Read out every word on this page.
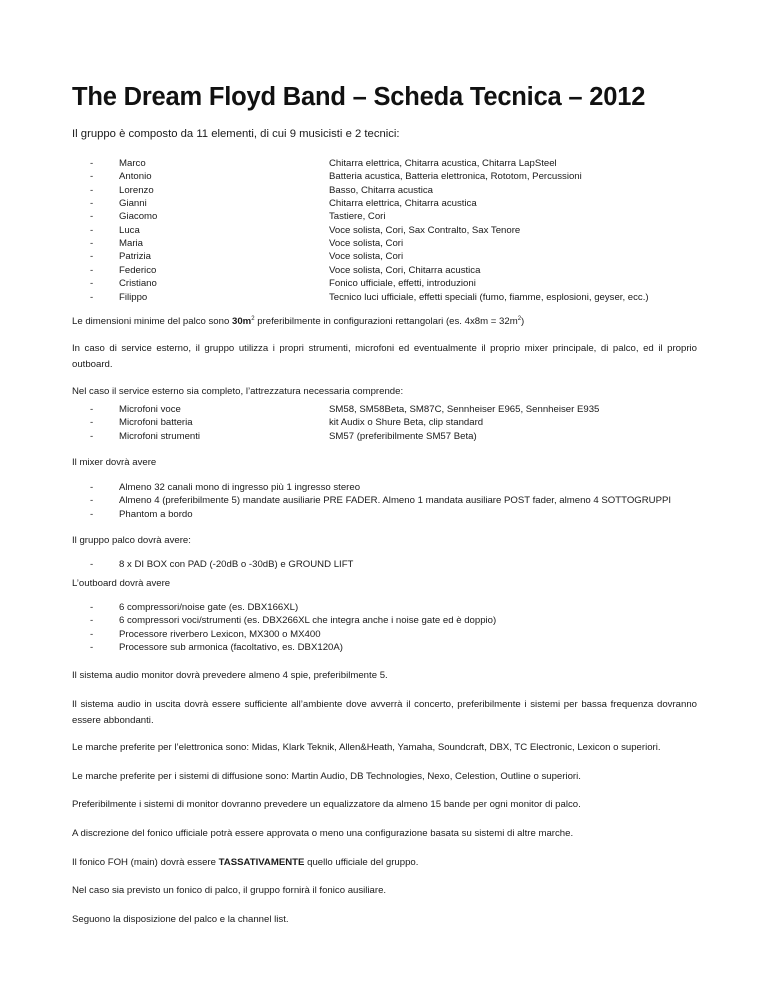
The Dream Floyd Band – Scheda Tecnica – 2012

Il gruppo è composto da 11 elementi, di cui 9 musicisti e 2 tecnici:

-	Marco	Chitarra elettrica, Chitarra acustica, Chitarra LapSteel
-	Antonio	Batteria acustica, Batteria elettronica, Rototom, Percussioni
-	Lorenzo	Basso, Chitarra acustica
-	Gianni	Chitarra elettrica, Chitarra acustica
-	Giacomo	Tastiere, Cori
-	Luca	Voce solista, Cori, Sax Contralto, Sax Tenore
-	Maria	Voce solista, Cori
-	Patrizia	Voce solista, Cori
-	Federico	Voce solista, Cori, Chitarra acustica
-	Cristiano	Fonico ufficiale, effetti, introduzioni
-	Filippo	Tecnico luci ufficiale, effetti speciali (fumo, fiamme, esplosioni, geyser, ecc.)

Le dimensioni minime del palco sono $30m^2$ preferibilmente in configurazioni rettangolari (es. $4x8m = 32m^2$)

In caso di service esterno, il gruppo utilizza i propri strumenti, microfoni ed eventualmente il proprio mixer principale, di palco, ed il proprio outboard.

Nel caso il service esterno sia completo, l’attrezzatura necessaria comprende:

-	Microfoni voce	SM58, SM58Beta, SM87C, Sennheiser E965, Sennheiser E935
-	Microfoni batteria	kit Audix o Shure Beta, clip standard
-	Microfoni strumenti	SM57 (preferibilmente SM57 Beta)

Il mixer dovrà avere

-	Almeno 32 canali mono di ingresso più 1 ingresso stereo
-	Almeno 4 (preferibilmente 5) mandate ausiliarie PRE FADER. Almeno 1 mandata ausiliare POST fader, almeno 4 SOTTOGRUPPI
-	Phantom a bordo

Il gruppo palco dovrà avere:

-	8 x DI BOX con PAD (-20dB o -30dB) e GROUND LIFT

L’outboard dovrà avere

-	6 compressori/noise gate (es. DBX166XL)
-	6 compressori voci/strumenti (es. DBX266XL che integra anche i noise gate ed è doppio)
-	Processore riverbero Lexicon, MX300 o MX400
-	Processore sub armonica (facoltativo, es. DBX120A)

Il sistema audio monitor dovrà prevedere almeno 4 spie, preferibilmente 5.

Il sistema audio in uscita dovrà essere sufficiente all’ambiente dove avverrà il concerto, preferibilmente i sistemi per bassa frequenza dovranno essere abbondanti.

Le marche preferite per l’elettronica sono: Midas, Klark Teknik, Allen&Heath, Yamaha, Soundcraft, DBX, TC Electronic, Lexicon o superiori.

Le marche preferite per i sistemi di diffusione sono: Martin Audio, DB Technologies, Nexo, Celestion, Outline o superiori.

Preferibilmente i sistemi di monitor dovranno prevedere un equalizzatore da almeno 15 bande per ogni monitor di palco.

A discrezione del fonico ufficiale potrà essere approvata o meno una configurazione basata su sistemi di altre marche.

Il fonico FOH (main) dovrà essere TASSATIVAMENTE quello ufficiale del gruppo.

Nel caso sia previsto un fonico di palco, il gruppo fornirà il fonico ausiliare.

Seguono la disposizione del palco e la channel list.
